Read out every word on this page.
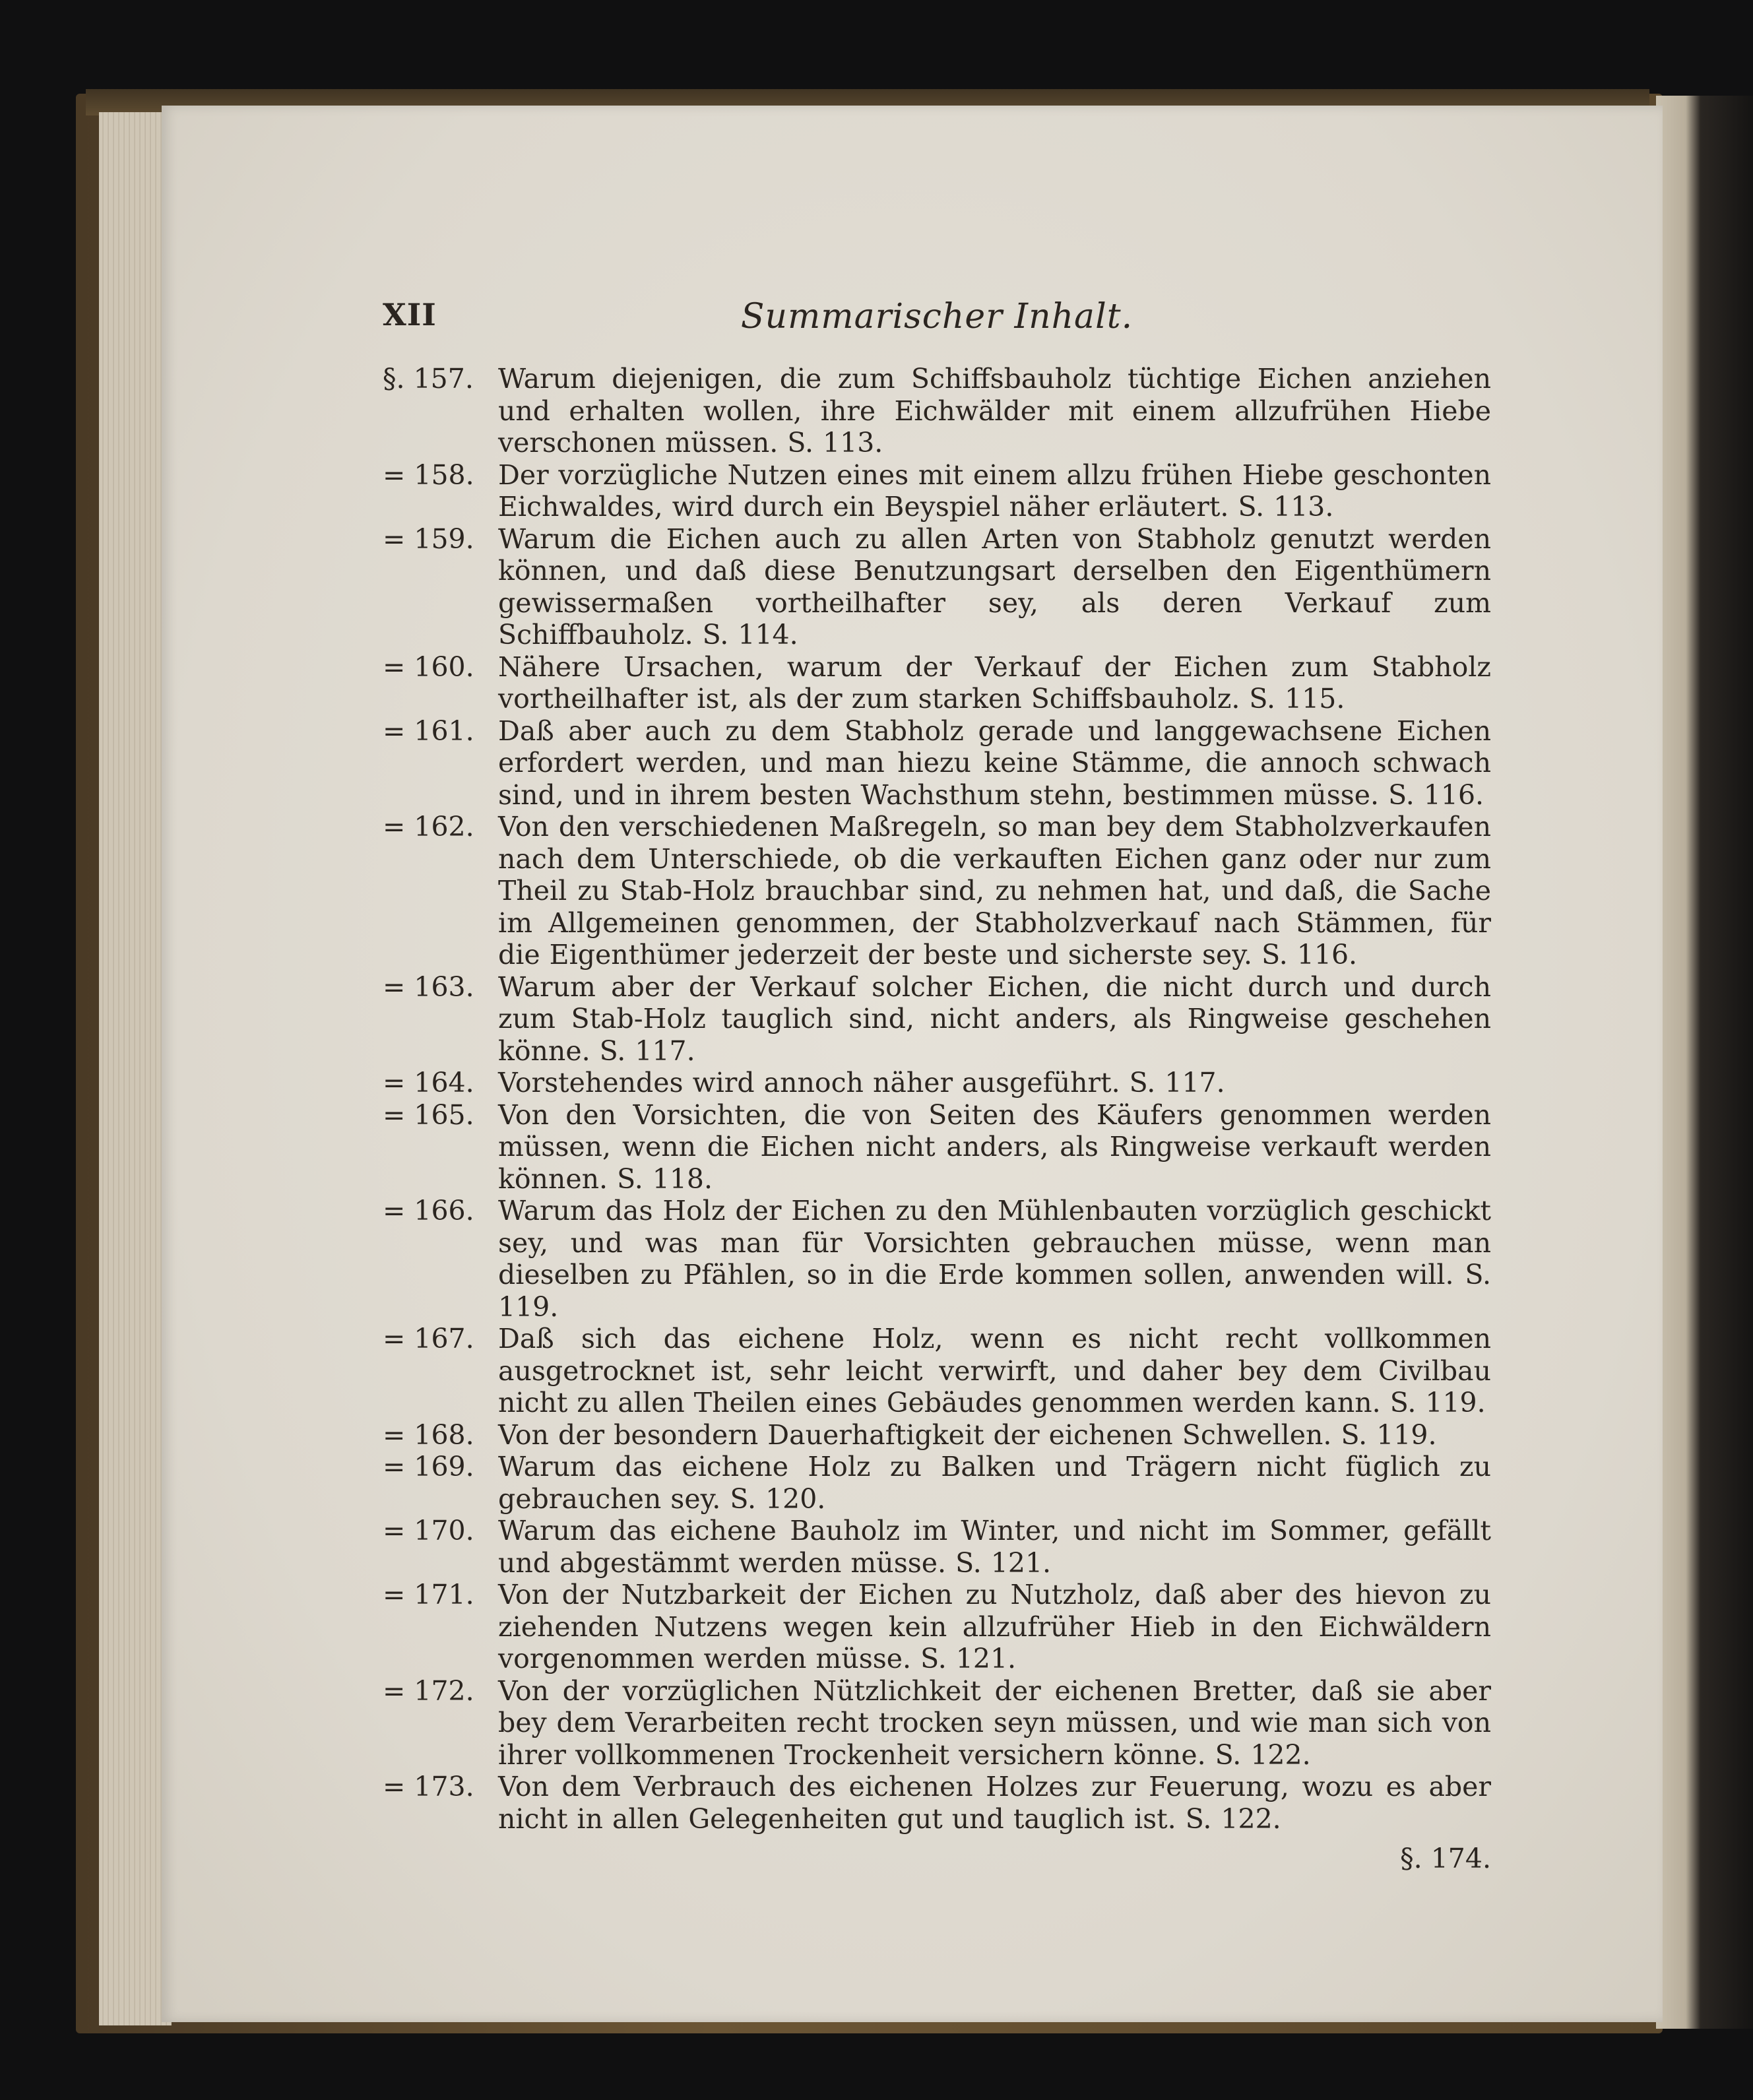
XII	Summarischer Inhalt.
§. 157. Warum diejenigen, die zum Schiffsbauholz tüchtige Eichen anziehen und erhalten wollen, ihre Eichwälder mit einem allzufrühen Hiebe verschonen müssen. S. 113.
= 158. Der vorzügliche Nutzen eines mit einem allzu frühen Hiebe geschonten Eichwaldes, wird durch ein Beyspiel näher erläutert. S. 113.
= 159. Warum die Eichen auch zu allen Arten von Stabholz genutzt werden können, und daß diese Benutzungsart derselben den Eigenthümern gewissermaßen vortheilhafter sey, als deren Verkauf zum Schiffbauholz. S. 114.
= 160. Nähere Ursachen, warum der Verkauf der Eichen zum Stabholz vortheilhafter ist, als der zum starken Schiffsbauholz. S. 115.
= 161. Daß aber auch zu dem Stabholz gerade und langgewachsene Eichen erfordert werden, und man hiezu keine Stämme, die annoch schwach sind, und in ihrem besten Wachsthum stehn, bestimmen müsse. S. 116.
= 162. Von den verschiedenen Maßregeln, so man bey dem Stabholzverkaufen nach dem Unterschiede, ob die verkauften Eichen ganz oder nur zum Theil zu Stab-Holz brauchbar sind, zu nehmen hat, und daß, die Sache im Allgemeinen genommen, der Stabholzverkauf nach Stämmen, für die Eigenthümer jederzeit der beste und sicherste sey. S. 116.
= 163. Warum aber der Verkauf solcher Eichen, die nicht durch und durch zum Stab-Holz tauglich sind, nicht anders, als Ringweise geschehen könne. S. 117.
= 164. Vorstehendes wird annoch näher ausgeführt. S. 117.
= 165. Von den Vorsichten, die von Seiten des Käufers genommen werden müssen, wenn die Eichen nicht anders, als Ringweise verkauft werden können. S. 118.
= 166. Warum das Holz der Eichen zu den Mühlenbauten vorzüglich geschickt sey, und was man für Vorsichten gebrauchen müsse, wenn man dieselben zu Pfählen, so in die Erde kommen sollen, anwenden will. S. 119.
= 167. Daß sich das eichene Holz, wenn es nicht recht vollkommen ausgetrocknet ist, sehr leicht verwirft, und daher bey dem Civilbau nicht zu allen Theilen eines Gebäudes genommen werden kann. S. 119.
= 168. Von der besondern Dauerhaftigkeit der eichenen Schwellen. S. 119.
= 169. Warum das eichene Holz zu Balken und Trägern nicht füglich zu gebrauchen sey. S. 120.
= 170. Warum das eichene Bauholz im Winter, und nicht im Sommer, gefällt und abgestämmt werden müsse. S. 121.
= 171. Von der Nutzbarkeit der Eichen zu Nutzholz, daß aber des hievon zu ziehenden Nutzens wegen kein allzufrüher Hieb in den Eichwäldern vorgenommen werden müsse. S. 121.
= 172. Von der vorzüglichen Nützlichkeit der eichenen Bretter, daß sie aber bey dem Verarbeiten recht trocken seyn müssen, und wie man sich von ihrer vollkommenen Trockenheit versichern könne. S. 122.
= 173. Von dem Verbrauch des eichenen Holzes zur Feuerung, wozu es aber nicht in allen Gelegenheiten gut und tauglich ist. S. 122.
§. 174.
